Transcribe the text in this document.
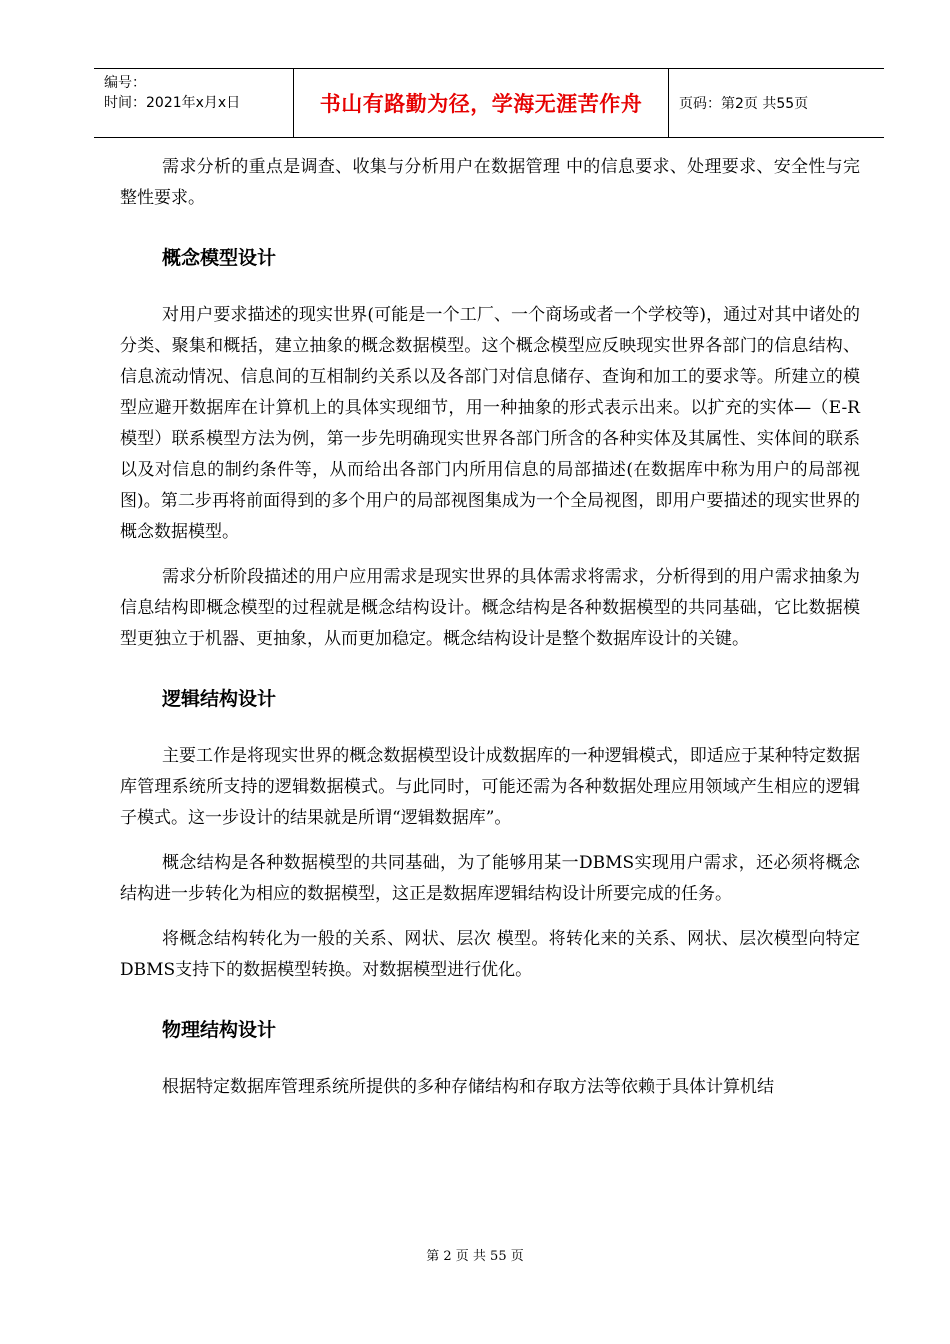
编号：
时间：2021年x月x日	书山有路勤为径，学海无涯苦作舟	页码：第2页 共55页

需求分析的重点是调查、收集与分析用户在数据管理 中的信息要求、处理要求、安全性与完整性要求。

概念模型设计

对用户要求描述的现实世界(可能是一个工厂、一个商场或者一个学校等)，通过对其中诸处的分类、聚集和概括，建立抽象的概念数据模型。这个概念模型应反映现实世界各部门的信息结构、信息流动情况、信息间的互相制约关系以及各部门对信息储存、查询和加工的要求等。所建立的模型应避开数据库在计算机上的具体实现细节，用一种抽象的形式表示出来。以扩充的实体—（E-R模型）联系模型方法为例，第一步先明确现实世界各部门所含的各种实体及其属性、实体间的联系以及对信息的制约条件等，从而给出各部门内所用信息的局部描述(在数据库中称为用户的局部视图)。第二步再将前面得到的多个用户的局部视图集成为一个全局视图，即用户要描述的现实世界的概念数据模型。

需求分析阶段描述的用户应用需求是现实世界的具体需求将需求，分析得到的用户需求抽象为信息结构即概念模型的过程就是概念结构设计。概念结构是各种数据模型的共同基础，它比数据模型更独立于机器、更抽象，从而更加稳定。概念结构设计是整个数据库设计的关键。

逻辑结构设计

主要工作是将现实世界的概念数据模型设计成数据库的一种逻辑模式，即适应于某种特定数据库管理系统所支持的逻辑数据模式。与此同时，可能还需为各种数据处理应用领域产生相应的逻辑子模式。这一步设计的结果就是所谓“逻辑数据库”。

概念结构是各种数据模型的共同基础，为了能够用某一DBMS实现用户需求，还必须将概念结构进一步转化为相应的数据模型，这正是数据库逻辑结构设计所要完成的任务。

将概念结构转化为一般的关系、网状、层次 模型。将转化来的关系、网状、层次模型向特定 DBMS支持下的数据模型转换。对数据模型进行优化。

物理结构设计

根据特定数据库管理系统所提供的多种存储结构和存取方法等依赖于具体计算机结

第 2 页 共 55 页
